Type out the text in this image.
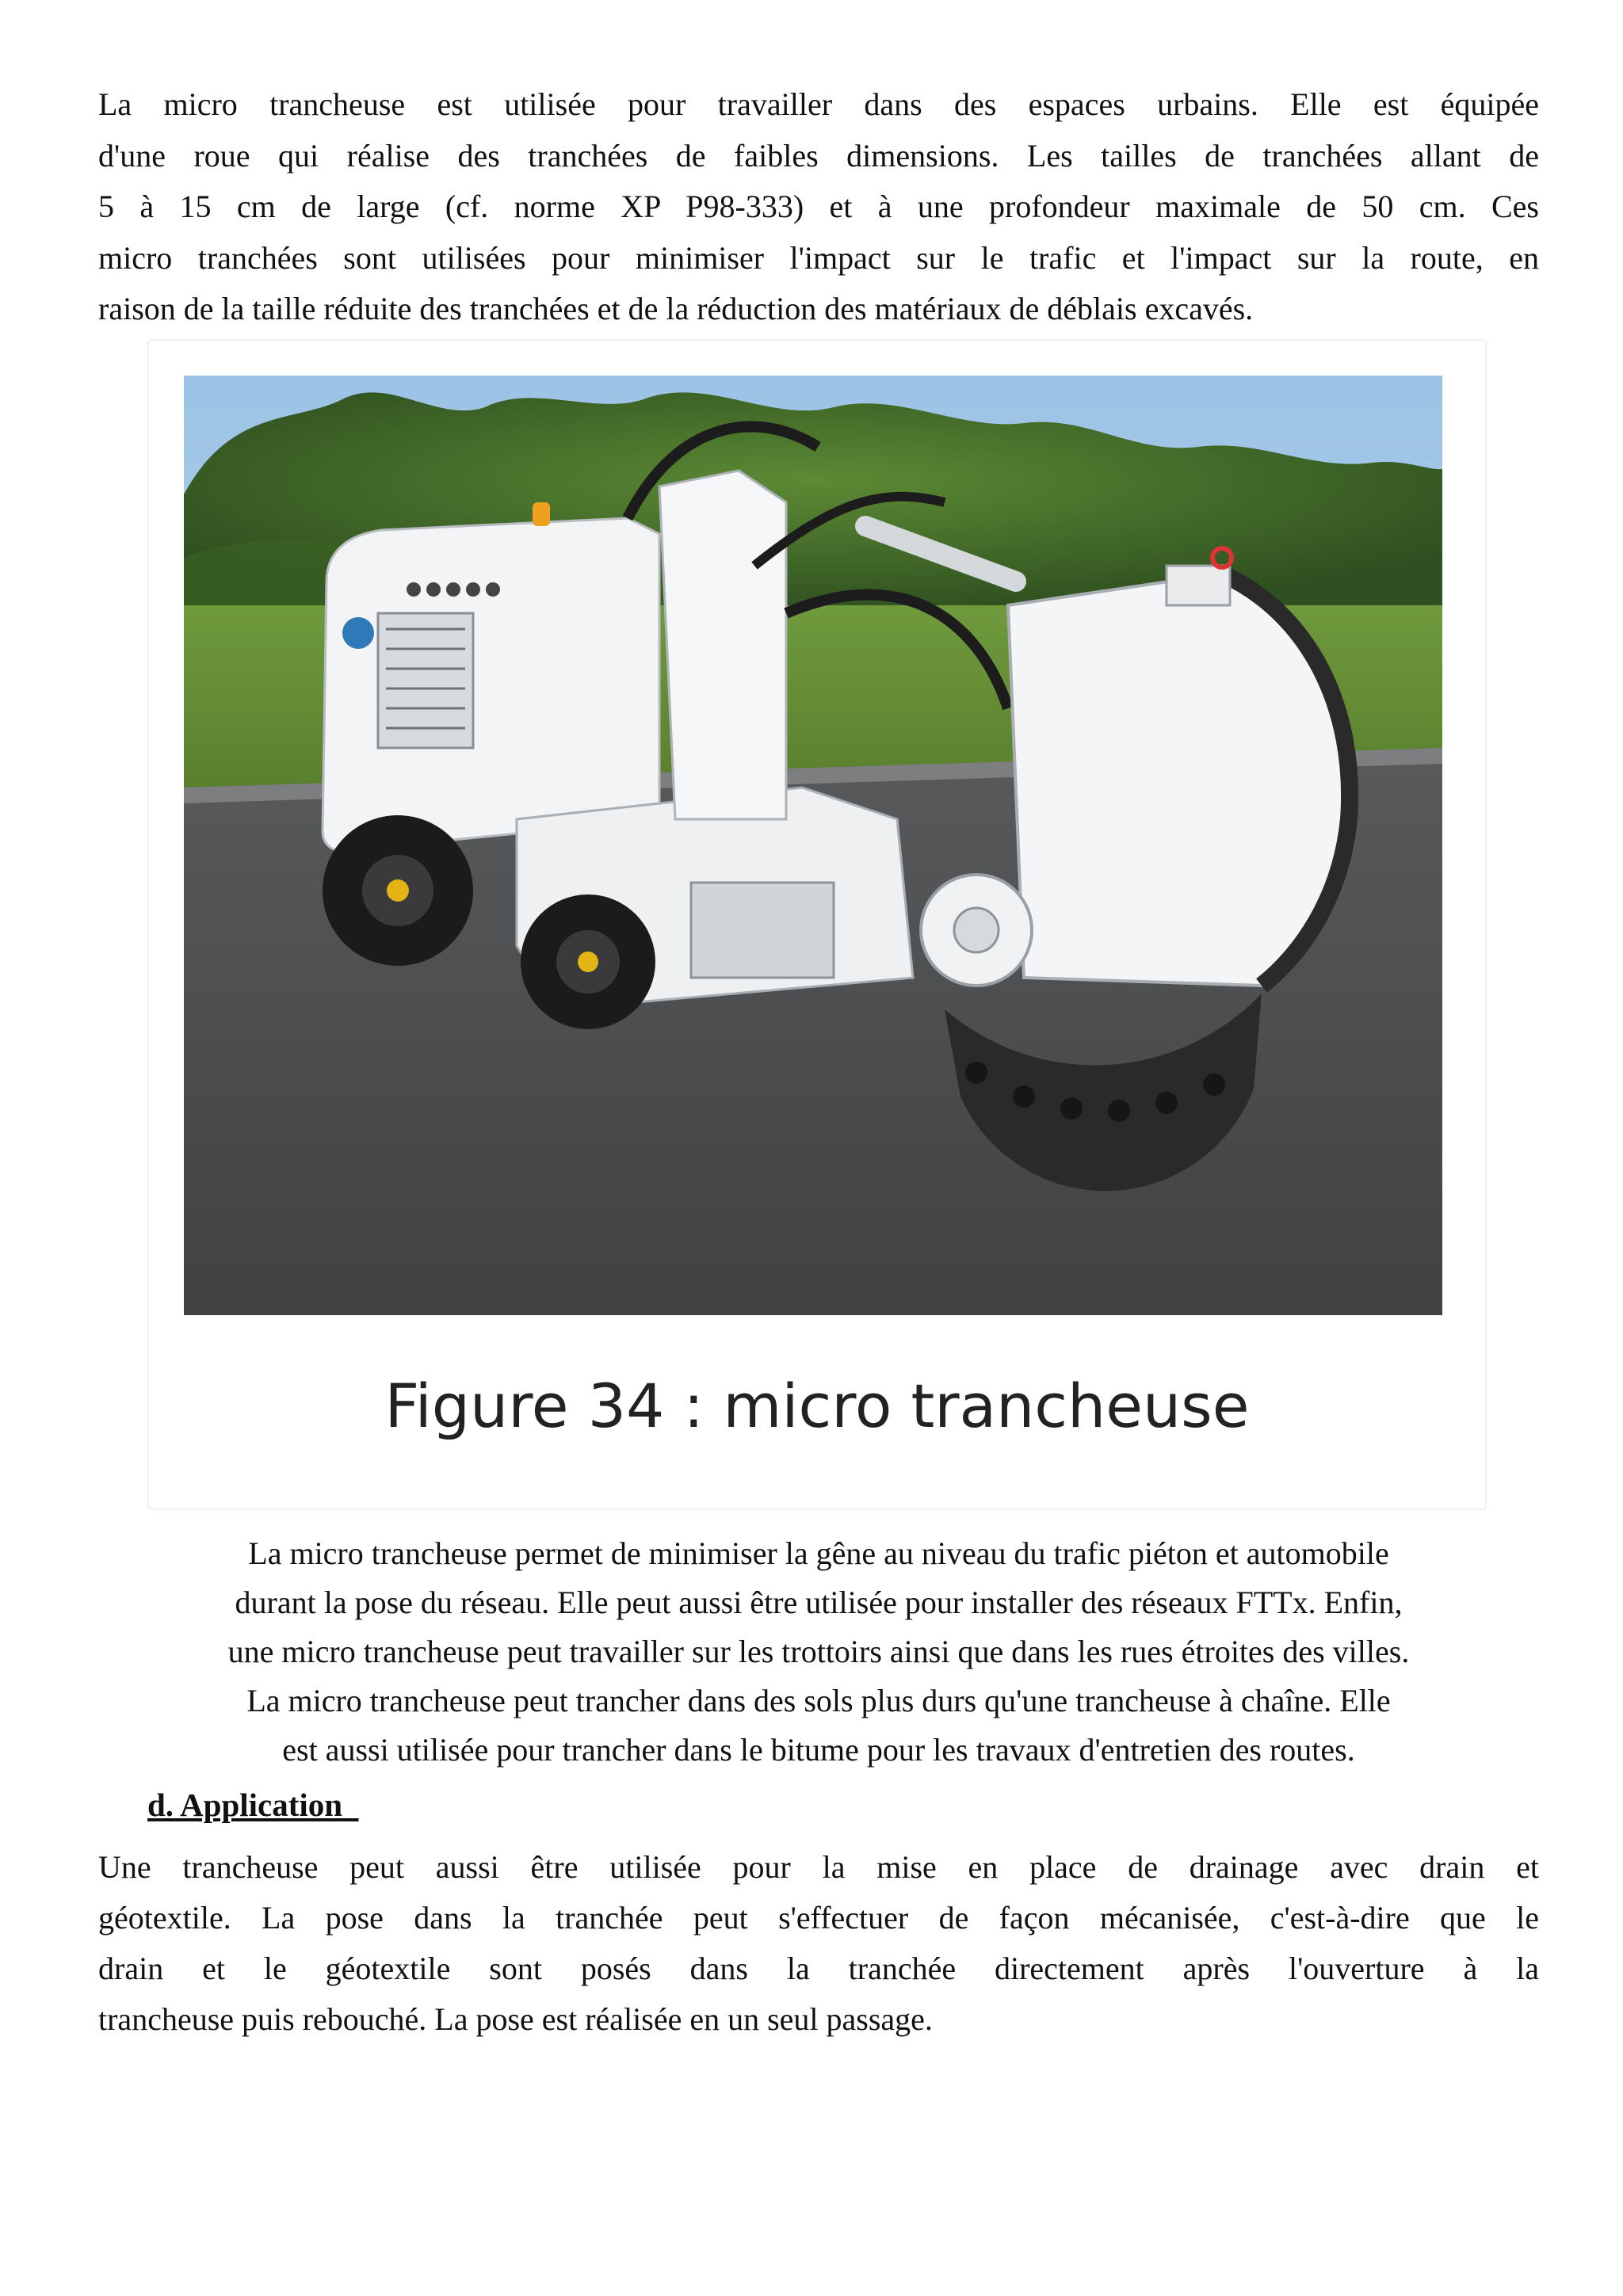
La micro trancheuse est utilisée pour travailler dans des espaces urbains. Elle est équipée
d'une roue qui réalise des tranchées de faibles dimensions. Les tailles de tranchées allant de
5 à 15 cm de large (cf. norme XP P98-333) et à une profondeur maximale de 50 cm. Ces
micro tranchées sont utilisées pour minimiser l'impact sur le trafic et l'impact sur la route, en
raison de la taille réduite des tranchées et de la réduction des matériaux de déblais excavés.
Figure 34 : micro trancheuse
La micro trancheuse permet de minimiser la gêne au niveau du trafic piéton et automobile
durant la pose du réseau. Elle peut aussi être utilisée pour installer des réseaux FTTx. Enfin,
une micro trancheuse peut travailler sur les trottoirs ainsi que dans les rues étroites des villes.
La micro trancheuse peut trancher dans des sols plus durs qu'une trancheuse à chaîne. Elle
est aussi utilisée pour trancher dans le bitume pour les travaux d'entretien des routes.
d. Application
Une trancheuse peut aussi être utilisée pour la mise en place de drainage avec drain et
géotextile. La pose dans la tranchée peut s'effectuer de façon mécanisée, c'est-à-dire que le
drain et le géotextile sont posés dans la tranchée directement après l'ouverture à la
trancheuse puis rebouché. La pose est réalisée en un seul passage.
